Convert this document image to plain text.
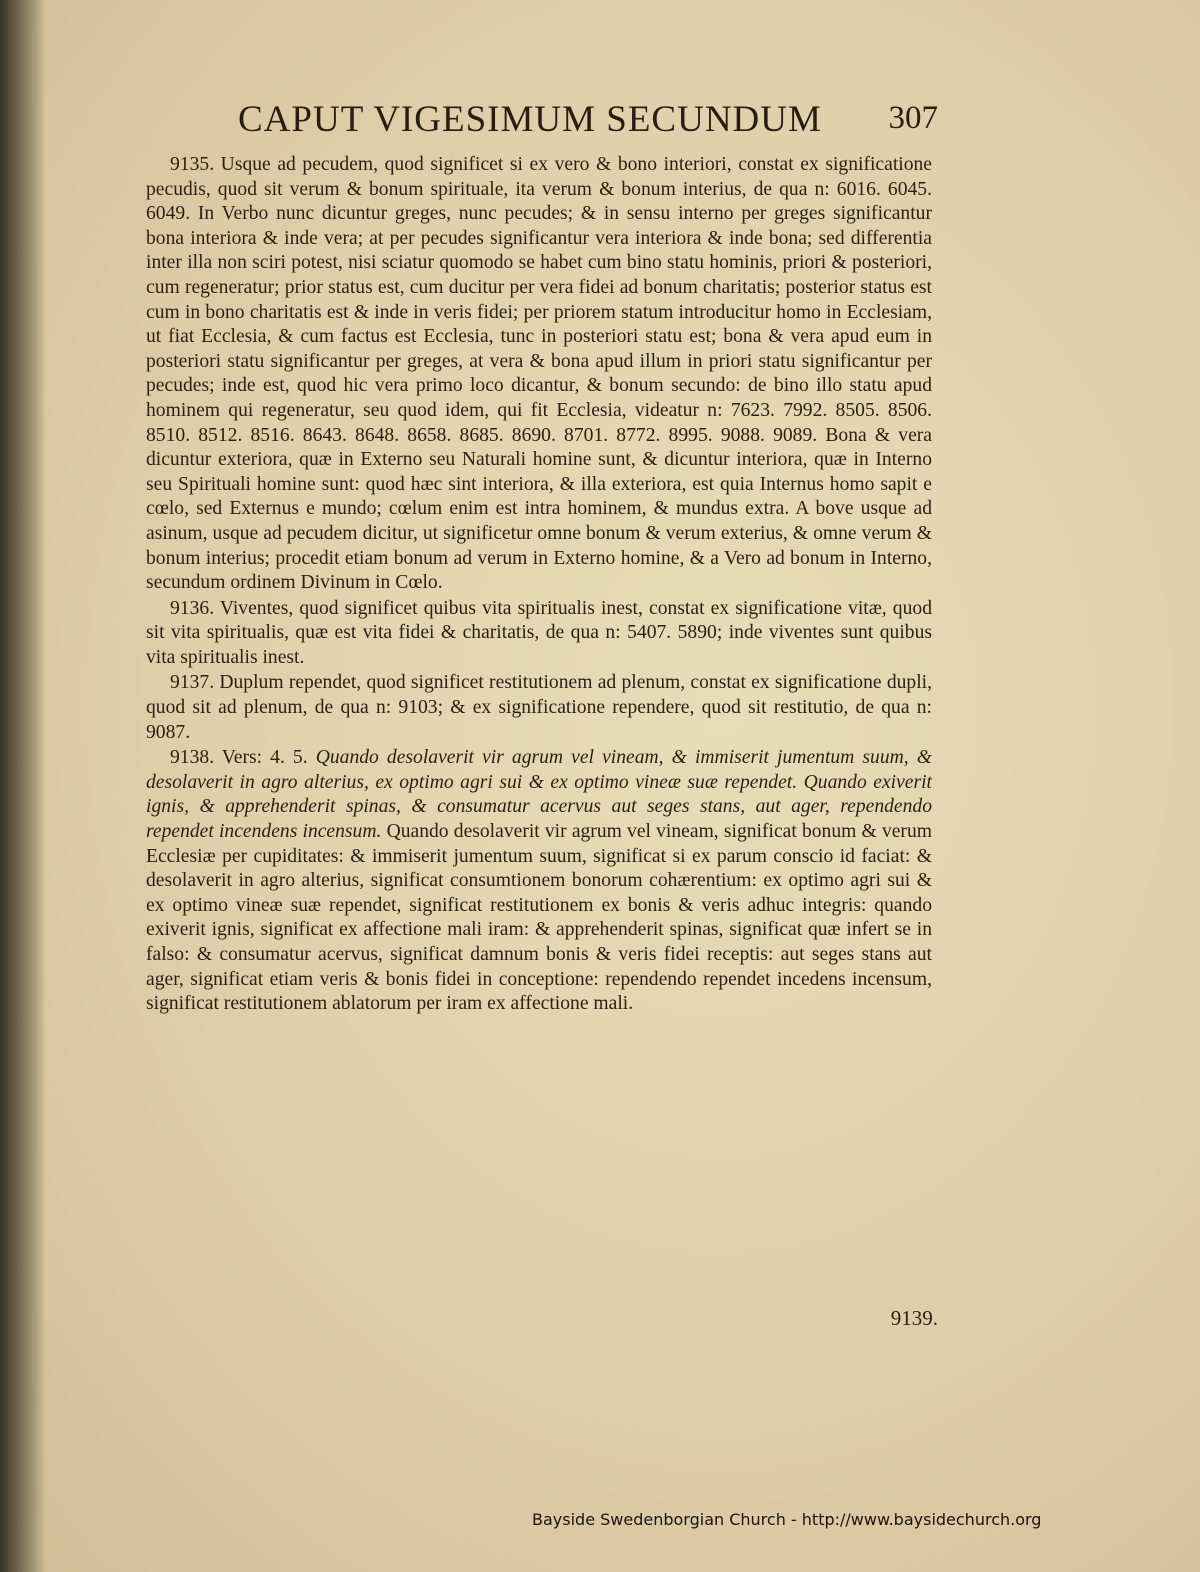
CAPUT VIGESIMUM SECUNDUM 307

9135. Usque ad pecudem, quod significet si ex vero & bono interiori, constat ex significatione pecudis, quod sit verum & bonum spirituale, ita verum & bonum interius, de qua n: 6016. 6045. 6049. In Verbo nunc dicuntur greges, nunc pecudes; & in sensu interno per greges significantur bona interiora & inde vera; at per pecudes significantur vera interiora & inde bona; sed differentia inter illa non sciri potest, nisi sciatur quomodo se habet cum bino statu hominis, priori & posteriori, cum regeneratur; prior status est, cum ducitur per vera fidei ad bonum charitatis; posterior status est cum in bono charitatis est & inde in veris fidei; per priorem statum introducitur homo in Ecclesiam, ut fiat Ecclesia, & cum factus est Ecclesia, tunc in posteriori statu est; bona & vera apud eum in posteriori statu significantur per greges, at vera & bona apud illum in priori statu significantur per pecudes; inde est, quod hic vera primo loco dicantur, & bonum secundo: de bino illo statu apud hominem qui regeneratur, seu quod idem, qui fit Ecclesia, videatur n: 7623. 7992. 8505. 8506. 8510. 8512. 8516. 8643. 8648. 8658. 8685. 8690. 8701. 8772. 8995. 9088. 9089. Bona & vera dicuntur exteriora, quæ in Externo seu Naturali homine sunt, & dicuntur interiora, quæ in Interno seu Spirituali homine sunt: quod hæc sint interiora, & illa exteriora, est quia Internus homo sapit e cœlo, sed Externus e mundo; cœlum enim est intra hominem, & mundus extra. A bove usque ad asinum, usque ad pecudem dicitur, ut significetur omne bonum & verum exterius, & omne verum & bonum interius; procedit etiam bonum ad verum in Externo homine, & a Vero ad bonum in Interno, secundum ordinem Divinum in Cœlo.

9136. Viventes, quod significet quibus vita spiritualis inest, constat ex significatione vitæ, quod sit vita spiritualis, quæ est vita fidei & charitatis, de qua n: 5407. 5890; inde viventes sunt quibus vita spiritualis inest.

9137. Duplum rependet, quod significet restitutionem ad plenum, constat ex significatione dupli, quod sit ad plenum, de qua n: 9103; & ex significatione rependere, quod sit restitutio, de qua n: 9087.

9138. Vers: 4. 5. Quando desolaverit vir agrum vel vineam, & immiserit jumentum suum, & desolaverit in agro alterius, ex optimo agri sui & ex optimo vineæ suæ rependet. Quando exiverit ignis, & apprehenderit spinas, & consumatur acervus aut seges stans, aut ager, rependendo rependet incendens incensum. Quando desolaverit vir agrum vel vineam, significat bonum & verum Ecclesiæ per cupiditates: & immiserit jumentum suum, significat si ex parum conscio id faciat: & desolaverit in agro alterius, significat consumtionem bonorum cohærentium: ex optimo agri sui & ex optimo vineæ suæ rependet, significat restitutionem ex bonis & veris adhuc integris: quando exiverit ignis, significat ex affectione mali iram: & apprehenderit spinas, significat quæ infert se in falso: & consumatur acervus, significat damnum bonis & veris fidei receptis: aut seges stans aut ager, significat etiam veris & bonis fidei in conceptione: rependendo rependet incedens incensum, significat restitutionem ablatorum per iram ex affectione mali.

9139.
Bayside Swedenborgian Church - http://www.baysidechurch.org
